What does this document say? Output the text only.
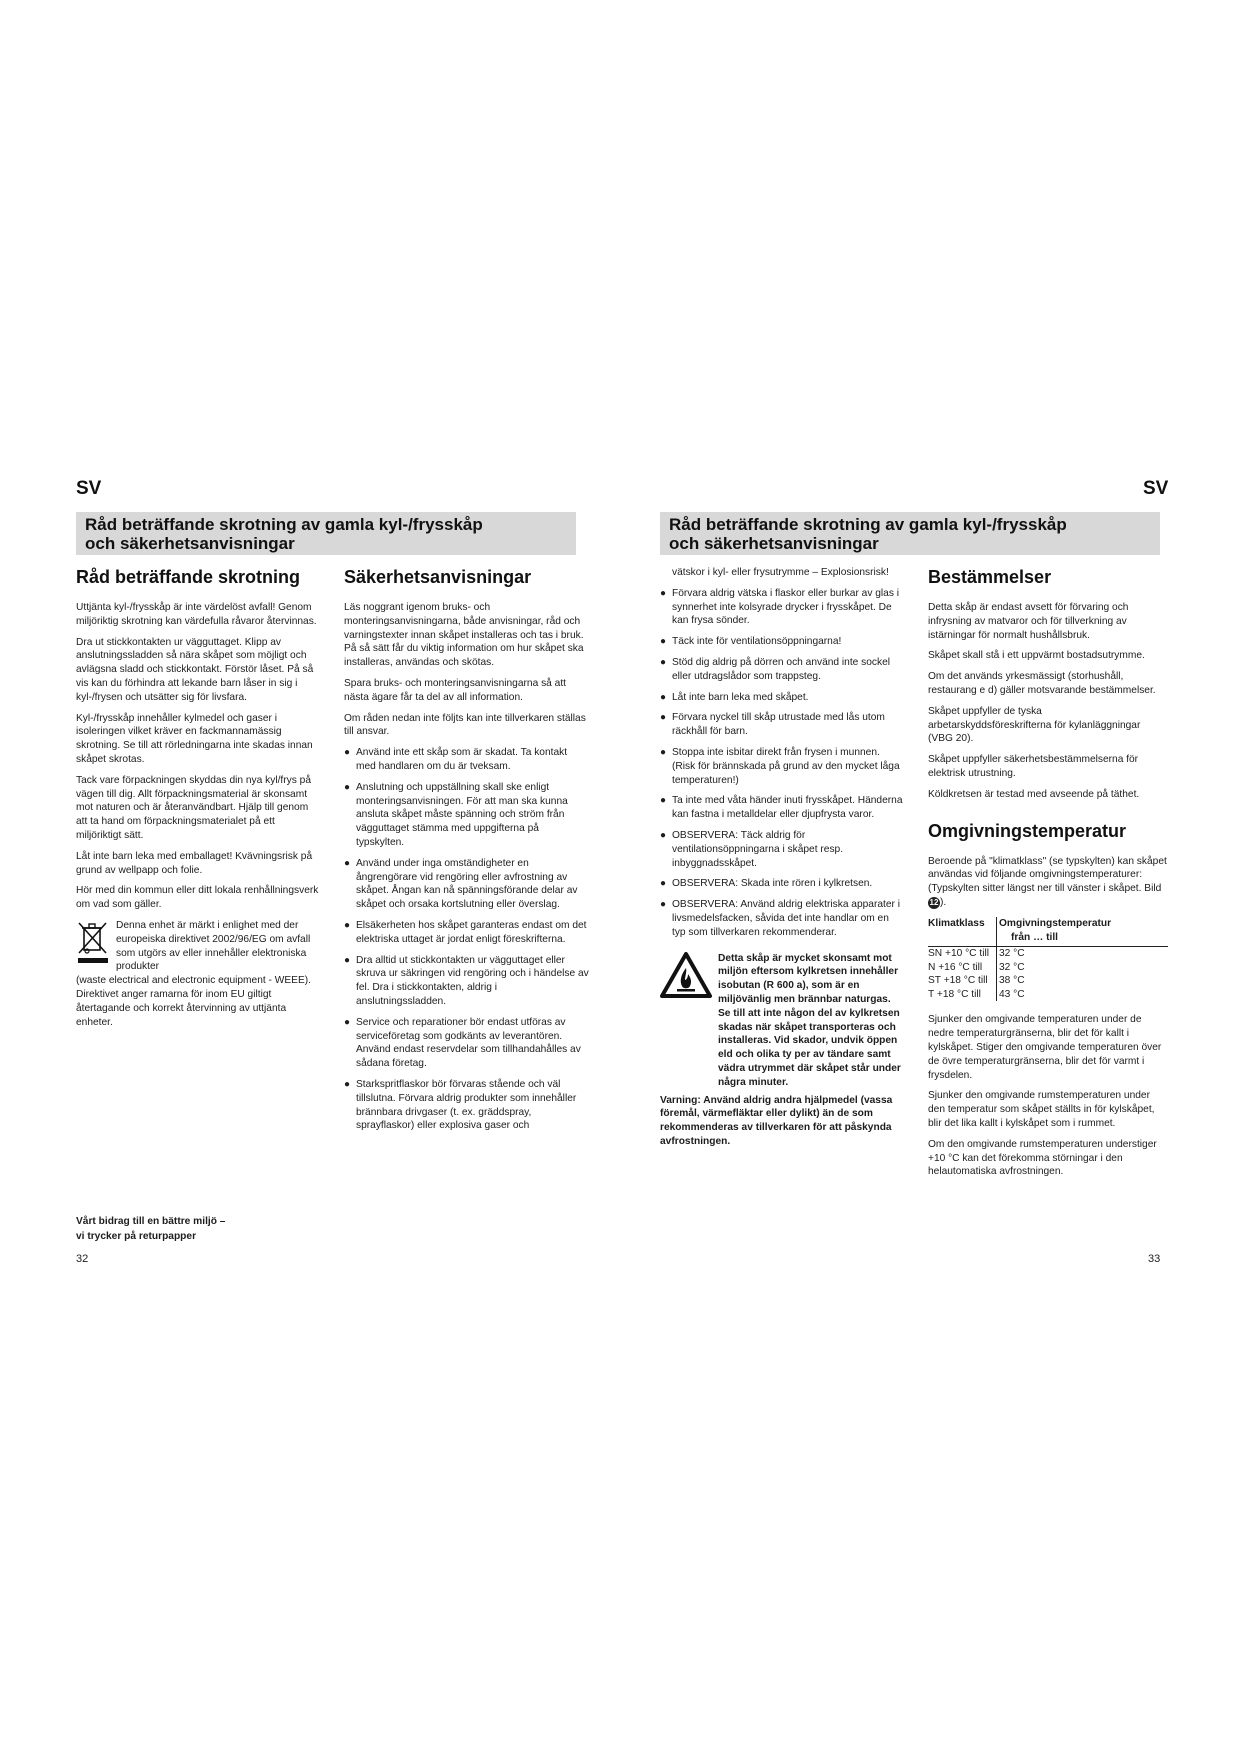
SV
Råd beträffande skrotning av gamla kyl-/frysskåp
och säkerhetsanvisningar
Råd beträffande skrotning

Uttjänta kyl-/frysskåp är inte värdelöst avfall! Genom miljöriktig skrotning kan värdefulla råvaror återvinnas.

Dra ut stickkontakten ur vägguttaget. Klipp av anslutningssladden så nära skåpet som möjligt och avlägsna sladd och stickkontakt. Förstör låset. På så vis kan du förhindra att lekande barn låser in sig i kyl-/frysen och utsätter sig för livsfara.

Kyl-/frysskåp innehåller kylmedel och gaser i isoleringen vilket kräver en fackmannamässig skrotning. Se till att rörledningarna inte skadas innan skåpet skrotas.

Tack vare förpackningen skyddas din nya kyl/frys på vägen till dig. Allt förpackningsmaterial är skonsamt mot naturen och är återanvändbart. Hjälp till genom att ta hand om förpackningsmaterialet på ett miljöriktigt sätt.

Låt inte barn leka med emballaget! Kvävningsrisk på grund av wellpapp och folie.

Hör med din kommun eller ditt lokala renhållningsverk om vad som gäller.

Denna enhet är märkt i enlighet med der europeiska direktivet 2002/96/EG om avfall som utgörs av eller innehåller elektroniska produkter

(waste electrical and electronic equipment - WEEE). Direktivet anger ramarna för inom EU giltigt återtagande och korrekt återvinning av uttjänta enheter.

Vårt bidrag till en bättre miljö –
vi trycker på returpapper
Säkerhetsanvisningar

Läs noggrant igenom bruks- och monteringsanvisningarna, både anvisningar, råd och varningstexter innan skåpet installeras och tas i bruk. På så sätt får du viktig information om hur skåpet ska installeras, användas och skötas.

Spara bruks- och monteringsanvisningarna så att nästa ägare får ta del av all information.

Om råden nedan inte följts kan inte tillverkaren ställas till ansvar.

● Använd inte ett skåp som är skadat. Ta kontakt med handlaren om du är tveksam.
● Anslutning och uppställning skall ske enligt monteringsanvisningen. För att man ska kunna ansluta skåpet måste spänning och ström från vägguttaget stämma med uppgifterna på typskylten.
● Använd under inga omständigheter en ångrengörare vid rengöring eller avfrostning av skåpet. Ångan kan nå spänningsförande delar av skåpet och orsaka kortslutning eller överslag.
● Elsäkerheten hos skåpet garanteras endast om det elektriska uttaget är jordat enligt föreskrifterna.
● Dra alltid ut stickkontakten ur vägguttaget eller skruva ur säkringen vid rengöring och i händelse av fel. Dra i stickkontakten, aldrig i anslutningssladden.
● Service och reparationer bör endast utföras av serviceföretag som godkänts av leverantören. Använd endast reservdelar som tillhandahålles av sådana företag.
● Starkspritflaskor bör förvaras stående och väl tillslutna. Förvara aldrig produkter som innehåller brännbara drivgaser (t. ex. gräddspray, sprayflaskor) eller explosiva gaser och
32
SV
Råd beträffande skrotning av gamla kyl-/frysskåp
och säkerhetsanvisningar

vätskor i kyl- eller frysutrymme – Explosionsrisk!

● Förvara aldrig vätska i flaskor eller burkar av glas i synnerhet inte kolsyrade drycker i frysskåpet. De kan frysa sönder.
● Täck inte för ventilationsöppningarna!
● Stöd dig aldrig på dörren och använd inte sockel eller utdragslådor som trappsteg.
● Låt inte barn leka med skåpet.
● Förvara nyckel till skåp utrustade med lås utom räckhåll för barn.
● Stoppa inte isbitar direkt från frysen i munnen. (Risk för brännskada på grund av den mycket låga temperaturen!)
● Ta inte med våta händer inuti frysskåpet. Händerna kan fastna i metalldelar eller djupfrysta varor.
● OBSERVERA: Täck aldrig för ventilationsöppningarna i skåpet resp. inbyggnadsskåpet.
● OBSERVERA: Skada inte rören i kylkretsen.
● OBSERVERA: Använd aldrig elektriska apparater i livsmedelsfacken, såvida det inte handlar om en typ som tillverkaren rekommenderar.
Detta skåp är mycket skonsamt mot miljön eftersom kylkretsen innehåller isobutan (R 600 a), som är en miljövänlig men brännbar naturgas. Se till att inte någon del av kylkretsen skadas när skåpet transporteras och installeras. Vid skador, undvik öppen eld och olika ty per av tändare samt vädra utrymmet där skåpet står under några minuter.

Varning: Använd aldrig andra hjälpmedel (vassa föremål, värmefläktar eller dylikt) än de som rekommenderas av tillverkaren för att påskynda avfrostningen.

Bestämmelser

Detta skåp är endast avsett för förvaring och infrysning av matvaror och för tillverkning av istärningar för normalt hushållsbruk.

Skåpet skall stå i ett uppvärmt bostadsutrymme.

Om det används yrkesmässigt (storhushåll, restaurang e d) gäller motsvarande bestämmelser.

Skåpet uppfyller de tyska arbetarskyddsföreskrifterna för kylanläggningar (VBG 20).

Skåpet uppfyller säkerhetsbestämmelserna för elektrisk utrustning.

Köldkretsen är testad med avseende på täthet.

Omgivningstemperatur

Beroende på "klimatklass" (se typskylten) kan skåpet användas vid följande omgivningstemperaturer: (Typskylten sitter längst ner till vänster i skåpet. Bild 12 ).

Klimatklass	Omgivningstemperatur
från … till
SN +10 °C till	32 °C
N +16 °C till	32 °C
ST +18 °C till	38 °C
T +18 °C till	43 °C

Sjunker den omgivande temperaturen under de nedre temperaturgränserna, blir det för kallt i kylskåpet. Stiger den omgivande temperaturen över de övre temperaturgränserna, blir det för varmt i frysdelen.

Sjunker den omgivande rumstemperaturen under den temperatur som skåpet ställts in för kylskåpet, blir det lika kallt i kylskåpet som i rummet.

Om den omgivande rumstemperaturen understiger +10 °C kan det förekomma störningar i den helautomatiska avfrostningen.

33
